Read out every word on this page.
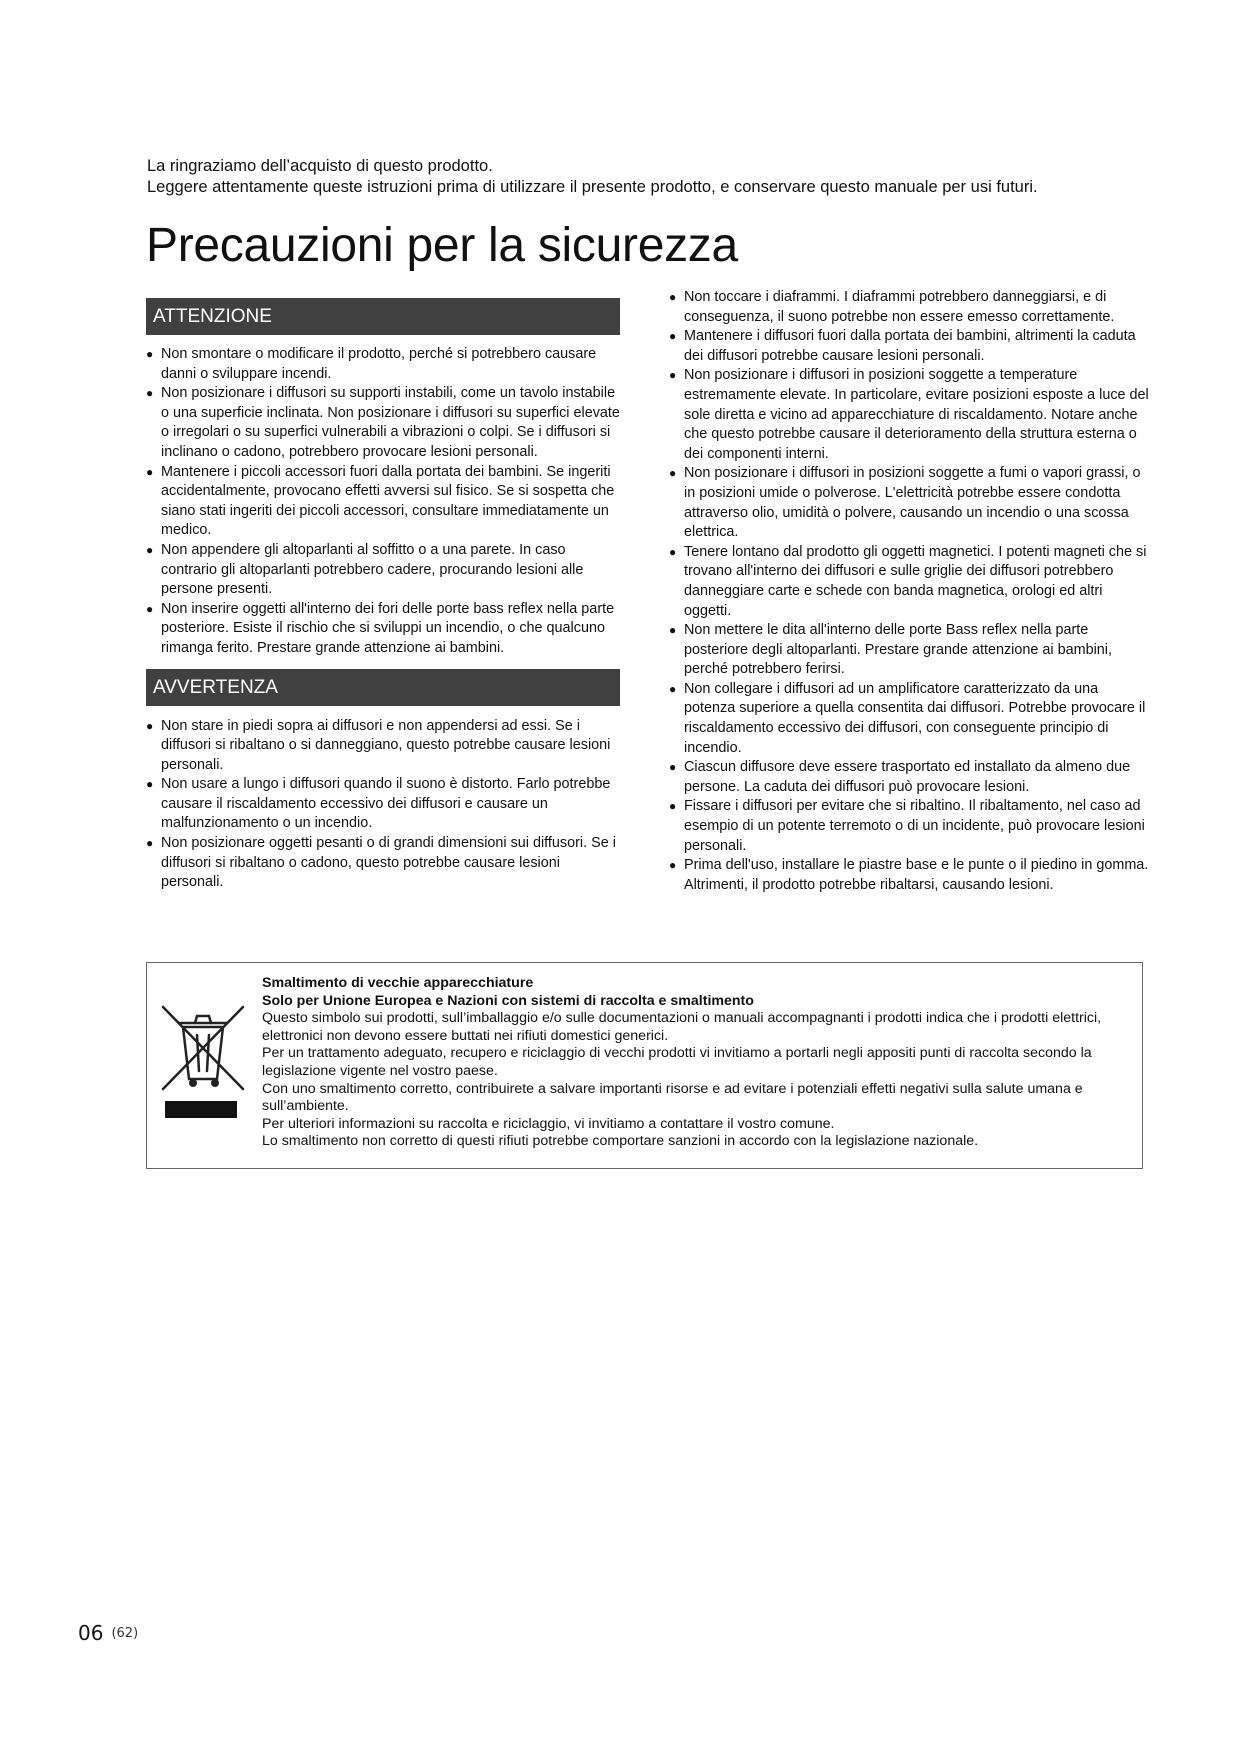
La ringraziamo dell’acquisto di questo prodotto.
Leggere attentamente queste istruzioni prima di utilizzare il presente prodotto, e conservare questo manuale per usi futuri.
Precauzioni per la sicurezza
ATTENZIONE
● Non smontare o modificare il prodotto, perché si potrebbero causare danni o sviluppare incendi.
● Non posizionare i diffusori su supporti instabili, come un tavolo instabile o una superficie inclinata. Non posizionare i diffusori su superfici elevate o irregolari o su superfici vulnerabili a vibrazioni o colpi. Se i diffusori si inclinano o cadono, potrebbero provocare lesioni personali.
● Mantenere i piccoli accessori fuori dalla portata dei bambini. Se ingeriti accidentalmente, provocano effetti avversi sul fisico. Se si sospetta che siano stati ingeriti dei piccoli accessori, consultare immediatamente un medico.
● Non appendere gli altoparlanti al soffitto o a una parete. In caso contrario gli altoparlanti potrebbero cadere, procurando lesioni alle persone presenti.
● Non inserire oggetti all'interno dei fori delle porte bass reflex nella parte posteriore. Esiste il rischio che si sviluppi un incendio, o che qualcuno rimanga ferito. Prestare grande attenzione ai bambini.
AVVERTENZA
● Non stare in piedi sopra ai diffusori e non appendersi ad essi. Se i diffusori si ribaltano o si danneggiano, questo potrebbe causare lesioni personali.
● Non usare a lungo i diffusori quando il suono è distorto. Farlo potrebbe causare il riscaldamento eccessivo dei diffusori e causare un malfunzionamento o un incendio.
● Non posizionare oggetti pesanti o di grandi dimensioni sui diffusori. Se i diffusori si ribaltano o cadono, questo potrebbe causare lesioni personali.
● Non toccare i diaframmi. I diaframmi potrebbero danneggiarsi, e di conseguenza, il suono potrebbe non essere emesso correttamente.
● Mantenere i diffusori fuori dalla portata dei bambini, altrimenti la caduta dei diffusori potrebbe causare lesioni personali.
● Non posizionare i diffusori in posizioni soggette a temperature estremamente elevate. In particolare, evitare posizioni esposte a luce del sole diretta e vicino ad apparecchiature di riscaldamento. Notare anche che questo potrebbe causare il deterioramento della struttura esterna o dei componenti interni.
● Non posizionare i diffusori in posizioni soggette a fumi o vapori grassi, o in posizioni umide o polverose. L'elettricità potrebbe essere condotta attraverso olio, umidità o polvere, causando un incendio o una scossa elettrica.
● Tenere lontano dal prodotto gli oggetti magnetici. I potenti magneti che si trovano all'interno dei diffusori e sulle griglie dei diffusori potrebbero danneggiare carte e schede con banda magnetica, orologi ed altri oggetti.
● Non mettere le dita all'interno delle porte Bass reflex nella parte posteriore degli altoparlanti. Prestare grande attenzione ai bambini, perché potrebbero ferirsi.
● Non collegare i diffusori ad un amplificatore caratterizzato da una potenza superiore a quella consentita dai diffusori. Potrebbe provocare il riscaldamento eccessivo dei diffusori, con conseguente principio di incendio.
● Ciascun diffusore deve essere trasportato ed installato da almeno due persone. La caduta dei diffusori può provocare lesioni.
● Fissare i diffusori per evitare che si ribaltino. Il ribaltamento, nel caso ad esempio di un potente terremoto o di un incidente, può provocare lesioni personali.
● Prima dell'uso, installare le piastre base e le punte o il piedino in gomma. Altrimenti, il prodotto potrebbe ribaltarsi, causando lesioni.
Smaltimento di vecchie apparecchiature
Solo per Unione Europea e Nazioni con sistemi di raccolta e smaltimento
Questo simbolo sui prodotti, sull’imballaggio e/o sulle documentazioni o manuali accompagnanti i prodotti indica che i prodotti elettrici, elettronici non devono essere buttati nei rifiuti domestici generici.
Per un trattamento adeguato, recupero e riciclaggio di vecchi prodotti vi invitiamo a portarli negli appositi punti di raccolta secondo la legislazione vigente nel vostro paese.
Con uno smaltimento corretto, contribuirete a salvare importanti risorse e ad evitare i potenziali effetti negativi sulla salute umana e sull’ambiente.
Per ulteriori informazioni su raccolta e riciclaggio, vi invitiamo a contattare il vostro comune.
Lo smaltimento non corretto di questi rifiuti potrebbe comportare sanzioni in accordo con la legislazione nazionale.
06 (62)
